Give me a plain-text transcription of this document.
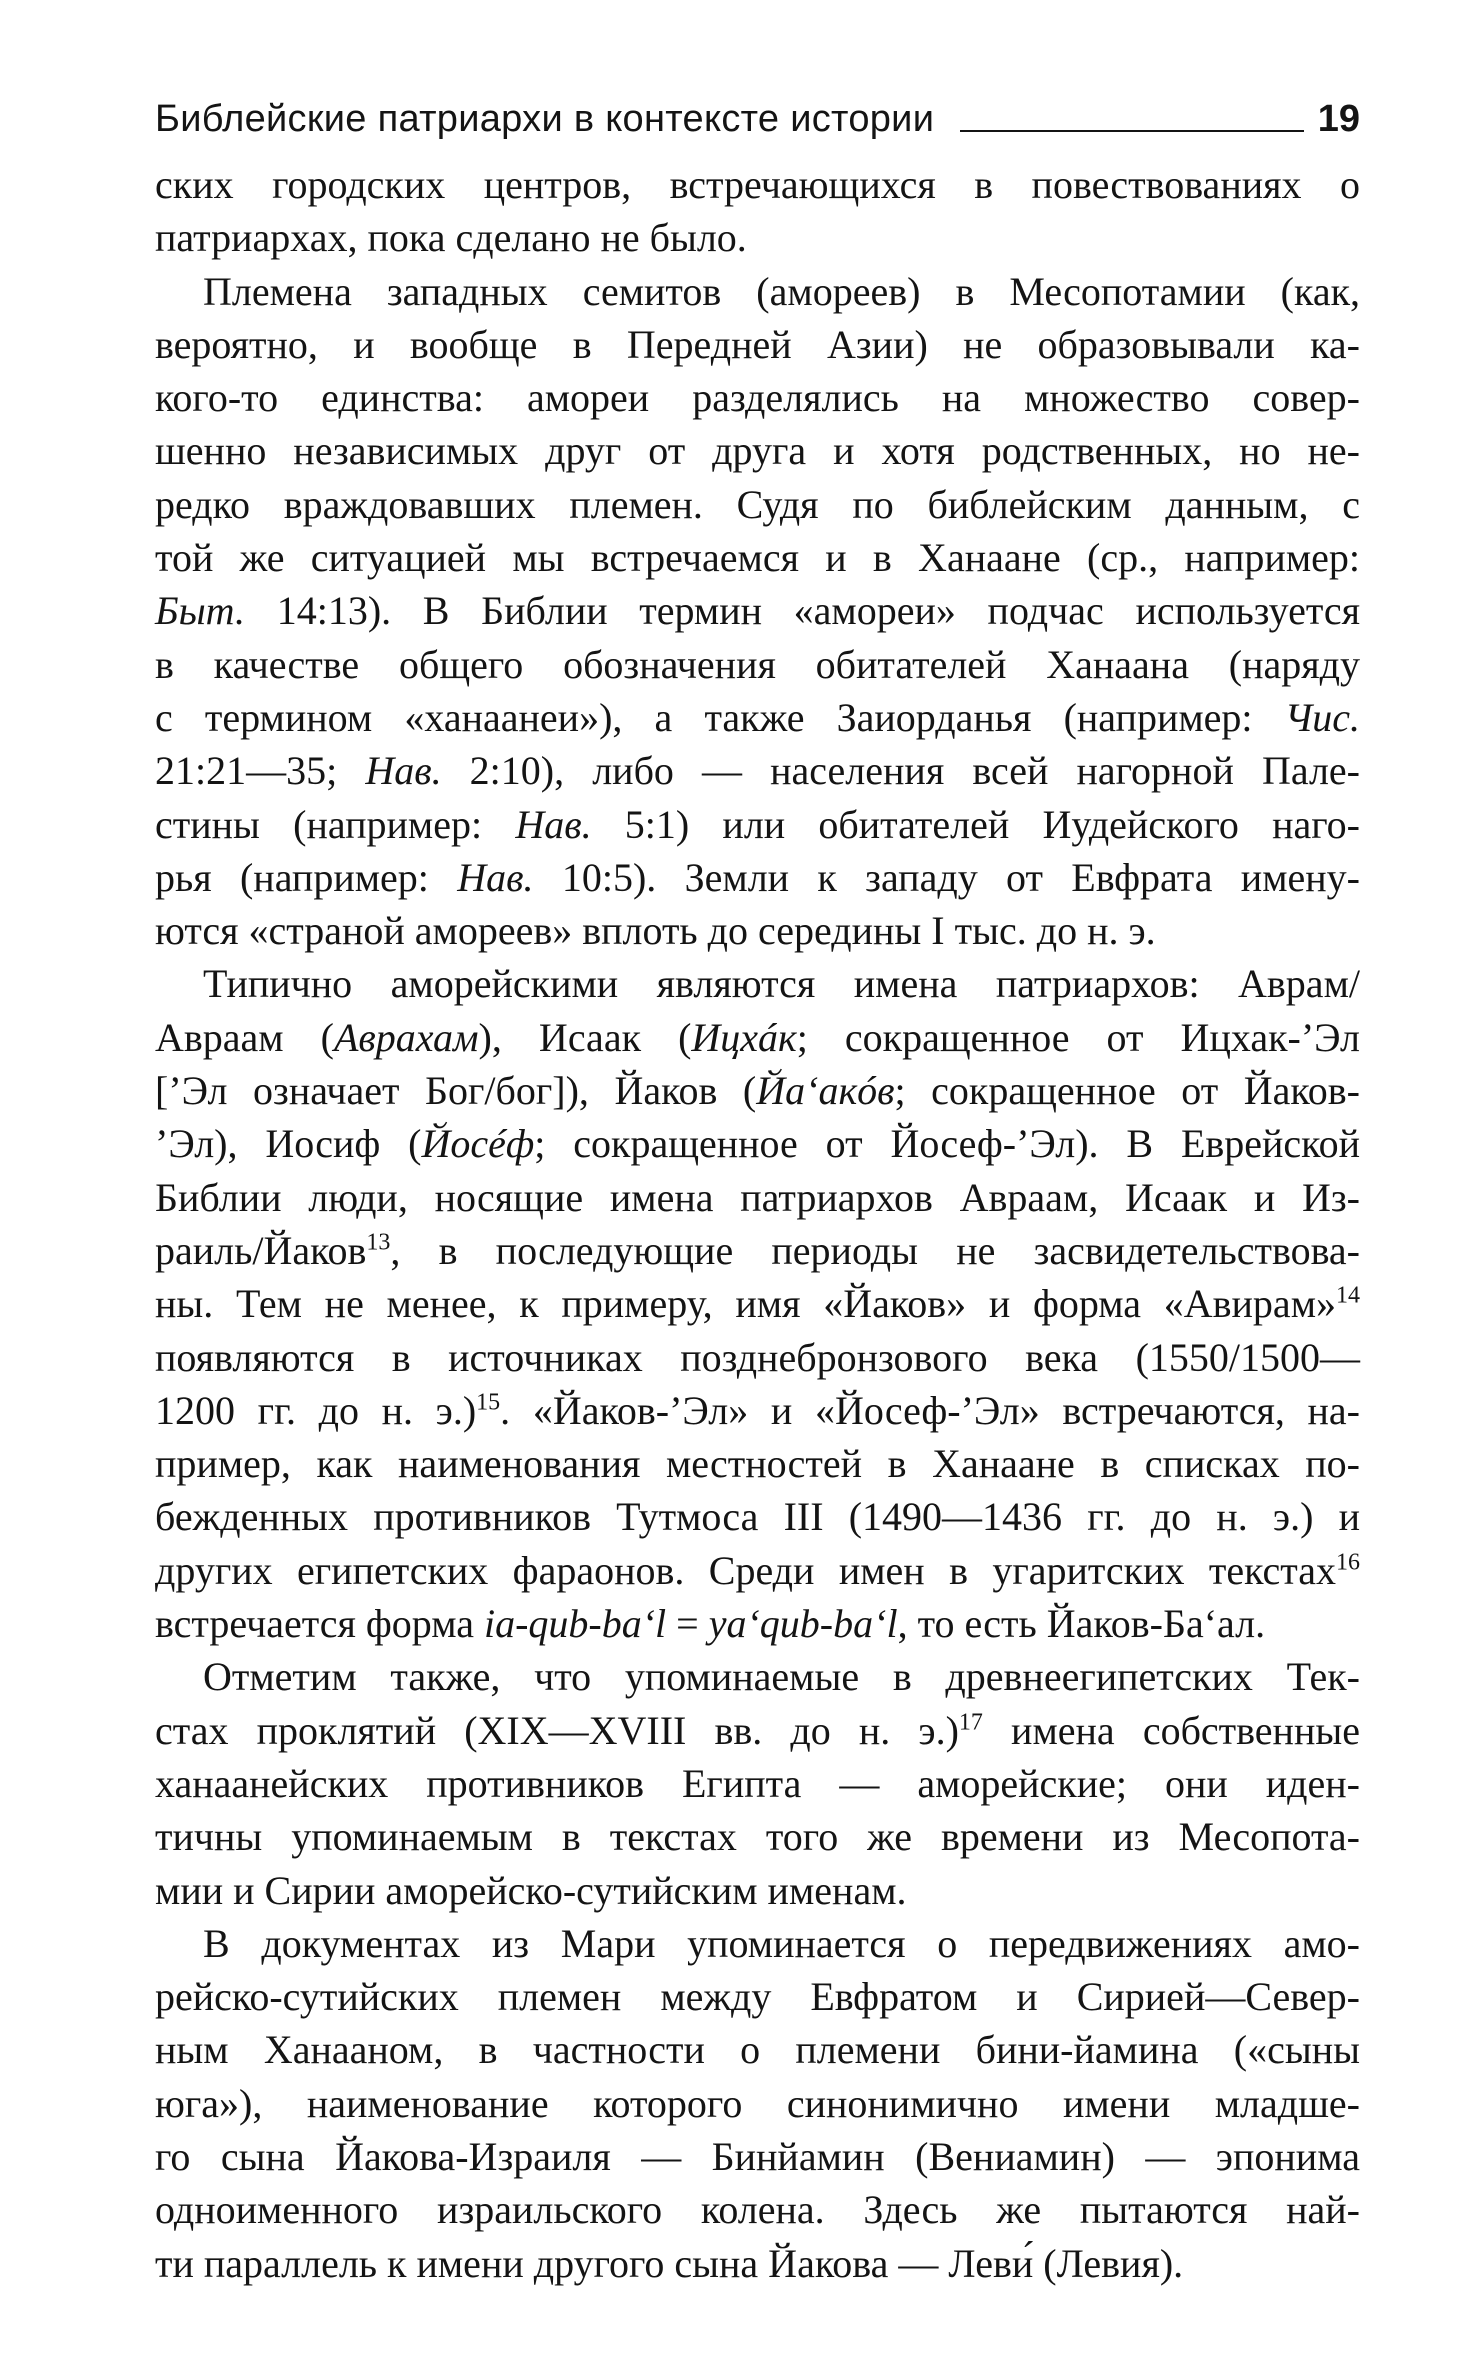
Библейские патриархи в контексте истории	19
ских городских центров, встречающихся в повествованиях о
патриархах, пока сделано не было.
Племена западных семитов (амореев) в Месопотамии (как,
вероятно, и вообще в Передней Азии) не образовывали ка-
кого-то единства: амореи разделялись на множество совер-
шенно независимых друг от друга и хотя родственных, но не-
редко враждовавших племен. Судя по библейским данным, с
той же ситуацией мы встречаемся и в Ханаане (ср., например:
Быт. 14:13). В Библии термин «амореи» подчас используется
в качестве общего обозначения обитателей Ханаана (наряду
с термином «ханаанеи»), а также Заиорданья (например: Чис.
21:21—35; Нав. 2:10), либо — населения всей нагорной Пале-
стины (например: Нав. 5:1) или обитателей Иудейского наго-
рья (например: Нав. 10:5). Земли к западу от Евфрата имену-
ются «страной амореев» вплоть до середины I тыс. до н. э.
Типично аморейскими являются имена патриархов: Аврам/
Авраам (Аврахам), Исаак (Ицхáк; сокращенное от Ицхак-’Эл
[’Эл означает Бог/бог]), Йаков (Йа‘акóв; сокращенное от Йаков-
’Эл), Иосиф (Йосéф; сокращенное от Йосеф-’Эл). В Еврейской
Библии люди, носящие имена патриархов Авраам, Исаак и Из-
раиль/Йаков$^{13}$, в последующие периоды не засвидетельствова-
ны. Тем не менее, к примеру, имя «Йаков» и форма «Авирам»$^{14}$
появляются в источниках позднебронзового века (1550/1500—
1200 гг. до н. э.)$^{15}$. «Йаков-’Эл» и «Йосеф-’Эл» встречаются, на-
пример, как наименования местностей в Ханаане в списках по-
бежденных противников Тутмоса III (1490—1436 гг. до н. э.) и
других египетских фараонов. Среди имен в угаритских текстах$^{16}$
встречается форма ia-qub-ba‘l = ya‘qub-ba‘l, то есть Йаков-Ба‘ал.
Отметим также, что упоминаемые в древнеегипетских Тек-
стах проклятий (XIX—XVIII вв. до н. э.)$^{17}$ имена собственные
ханаанейских противников Египта — аморейские; они иден-
тичны упоминаемым в текстах того же времени из Месопота-
мии и Сирии аморейско-сутийским именам.
В документах из Мари упоминается о передвижениях амо-
рейско-сутийских племен между Евфратом и Сирией—Север-
ным Ханааном, в частности о племени бини-йамина («сыны
юга»), наименование которого синонимично имени младше-
го сына Йакова-Израиля — Бинйамин (Вениамин) — эпонима
одноименного израильского колена. Здесь же пытаются най-
ти параллель к имени другого сына Йакова — Леви́ (Левия).
